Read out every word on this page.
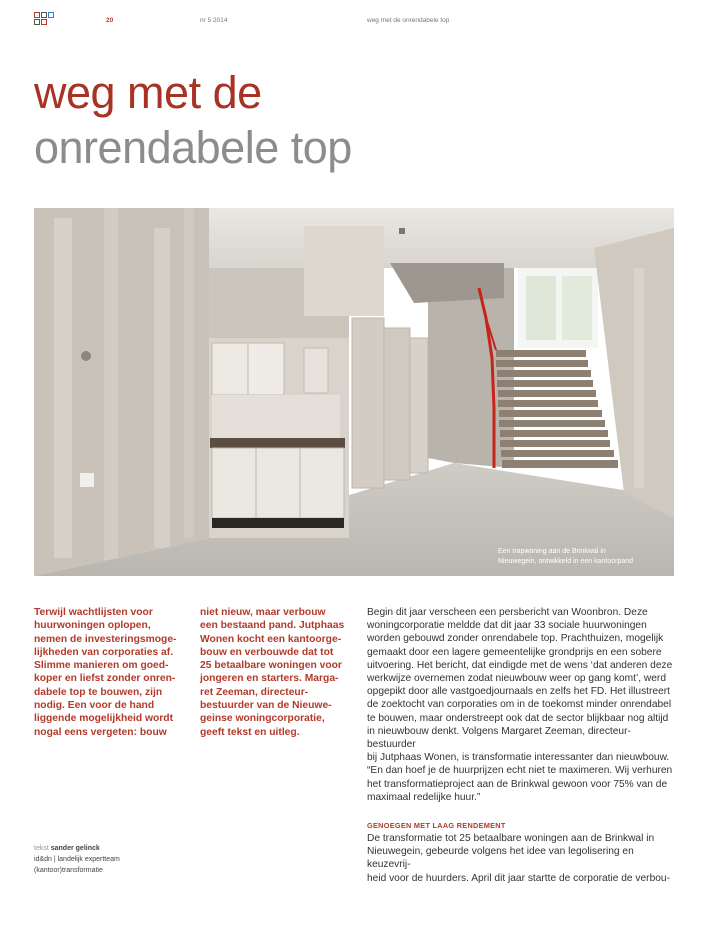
20	nr 5 2014	weg met de onrendabele top
weg met de
onrendabele top
Een trapwoning aan de Brinkwal in
Nieuwegein, ontwikkeld in een kantoorpand
Terwijl wachtlijsten voor
huurwoningen oplopen,
nemen de investeringsmoge-
lijkheden van corporaties af.
Slimme manieren om goed-
koper en liefst zonder onren-
dabele top te bouwen, zijn
nodig. Een voor de hand
liggende mogelijkheid wordt
nogal eens vergeten: bouw
niet nieuw, maar verbouw
een bestaand pand. Jutphaas
Wonen kocht een kantoorge-
bouw en verbouwde dat tot
25 betaalbare woningen voor
jongeren en starters. Marga-
ret Zeeman, directeur-
bestuurder van de Nieuwe-
geinse woningcorporatie,
geeft tekst en uitleg.
Begin dit jaar verscheen een persbericht van Woonbron. Deze
woningcorporatie meldde dat dit jaar 33 sociale huurwoningen
worden gebouwd zonder onrendabele top. Prachthuizen, mogelijk
gemaakt door een lagere gemeentelijke grondprijs en een sobere
uitvoering. Het bericht, dat eindigde met de wens ‘dat anderen deze
werkwijze overnemen zodat nieuwbouw weer op gang komt’, werd
opgepikt door alle vastgoedjournaals en zelfs het FD. Het illustreert
de zoektocht van corporaties om in de toekomst minder onrendabel
te bouwen, maar onderstreept ook dat de sector blijkbaar nog altijd
in nieuwbouw denkt. Volgens Margaret Zeeman, directeur-bestuurder
bij Jutphaas Wonen, is transformatie interessanter dan nieuwbouw.
“En dan hoef je de huurprijzen echt niet te maximeren. Wij verhuren
het transformatieproject aan de Brinkwal gewoon voor 75% van de
maximaal redelijke huur.”
GENOEGEN MET LAAG RENDEMENT
De transformatie tot 25 betaalbare woningen aan de Brinkwal in
Nieuwegein, gebeurde volgens het idee van legolisering en keuzevrij-
heid voor de huurders. April dit jaar startte de corporatie de verbou-
tekst sander gelinck
id&dn | landelijk expertteam
(kantoor)transformatie
